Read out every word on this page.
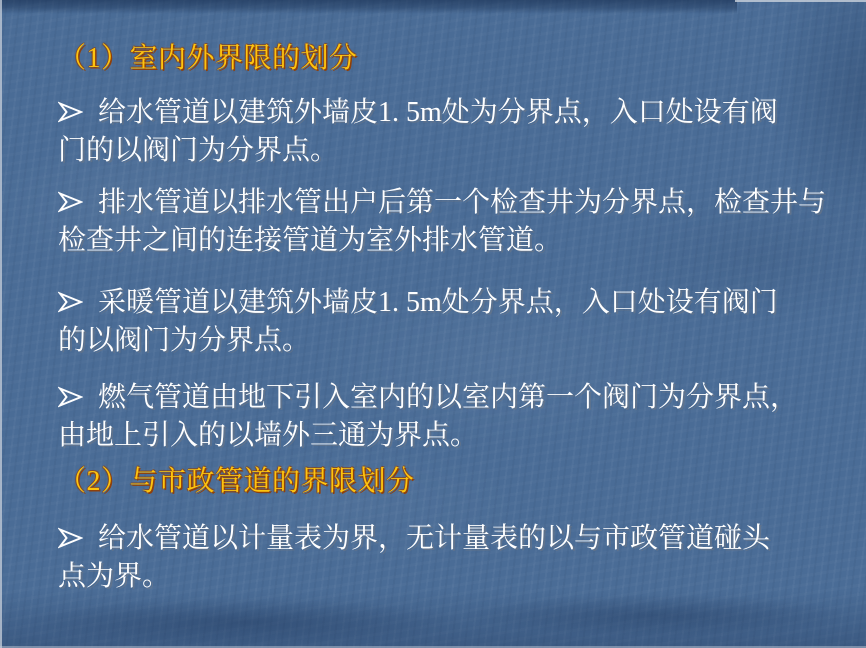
（1）室内外界限的划分

给水管道以建筑外墙皮1. 5m处为分界点，入口处设有阀
门的以阀门为分界点。

排水管道以排水管出户后第一个检查井为分界点，检查井与
检查井之间的连接管道为室外排水管道。

采暖管道以建筑外墙皮1. 5m处分界点，入口处设有阀门
的以阀门为分界点。

燃气管道由地下引入室内的以室内第一个阀门为分界点，
由地上引入的以墙外三通为界点。

（2）与市政管道的界限划分

给水管道以计量表为界，无计量表的以与市政管道碰头
点为界。
